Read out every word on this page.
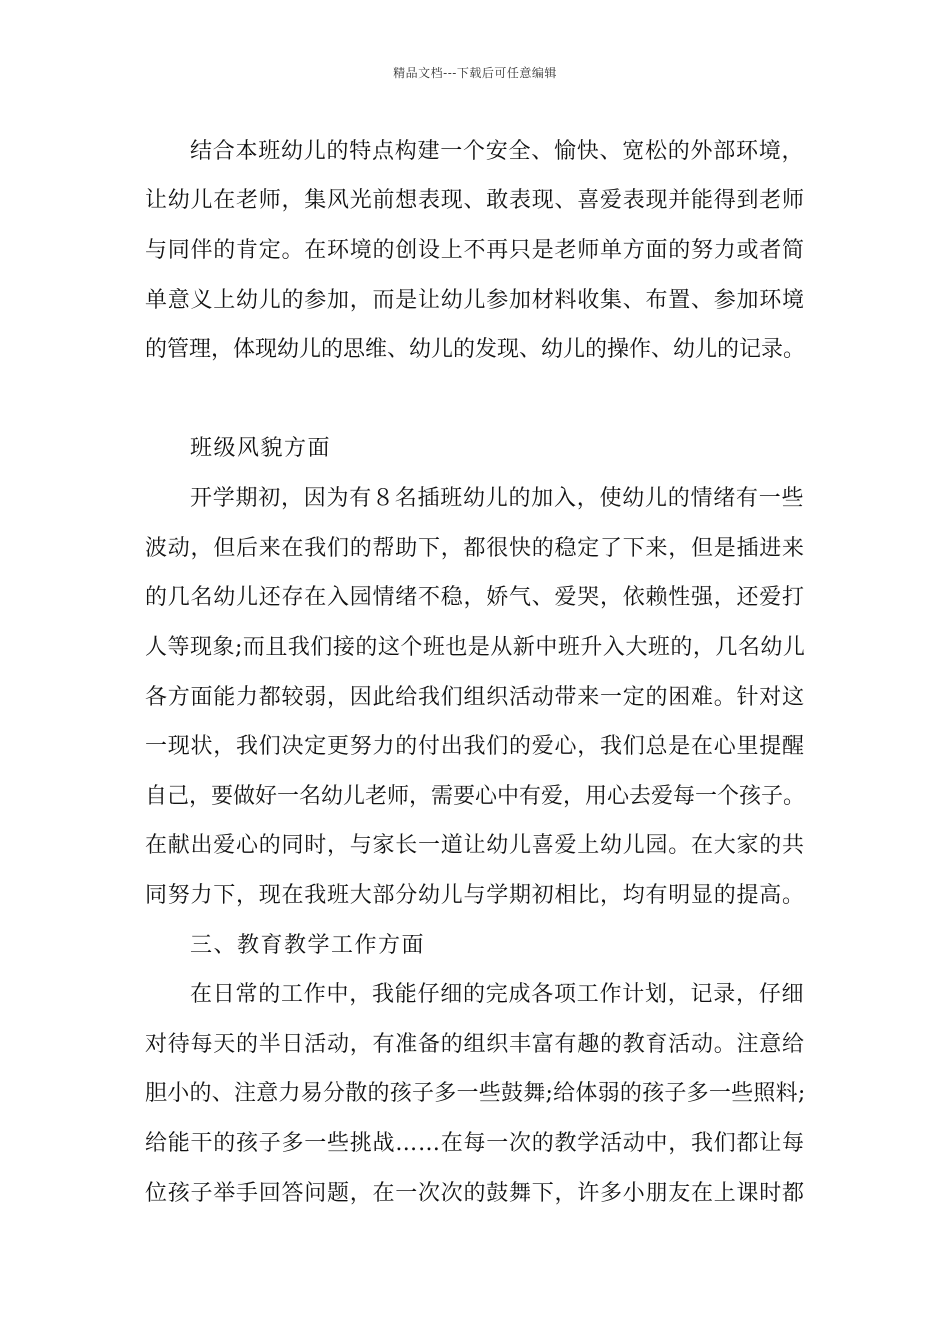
精品文档---下载后可任意编辑
结合本班幼儿的特点构建一个安全、愉快、宽松的外部环境，
让幼儿在老师，集风光前想表现、敢表现、喜爱表现并能得到老师
与同伴的肯定。在环境的创设上不再只是老师单方面的努力或者简
单意义上幼儿的参加，而是让幼儿参加材料收集、布置、参加环境
的管理，体现幼儿的思维、幼儿的发现、幼儿的操作、幼儿的记录。
班级风貌方面
开学期初，因为有８名插班幼儿的加入，使幼儿的情绪有一些
波动，但后来在我们的帮助下，都很快的稳定了下来，但是插进来
的几名幼儿还存在入园情绪不稳，娇气、爱哭，依赖性强，还爱打
人等现象;而且我们接的这个班也是从新中班升入大班的，几名幼儿
各方面能力都较弱，因此给我们组织活动带来一定的困难。针对这
一现状，我们决定更努力的付出我们的爱心，我们总是在心里提醒
自己，要做好一名幼儿老师，需要心中有爱，用心去爱每一个孩子。
在献出爱心的同时，与家长一道让幼儿喜爱上幼儿园。在大家的共
同努力下，现在我班大部分幼儿与学期初相比，均有明显的提高。
三、教育教学工作方面
在日常的工作中，我能仔细的完成各项工作计划，记录，仔细
对待每天的半日活动，有准备的组织丰富有趣的教育活动。注意给
胆小的、注意力易分散的孩子多一些鼓舞;给体弱的孩子多一些照料;
给能干的孩子多一些挑战……在每一次的教学活动中，我们都让每
位孩子举手回答问题，在一次次的鼓舞下，许多小朋友在上课时都
